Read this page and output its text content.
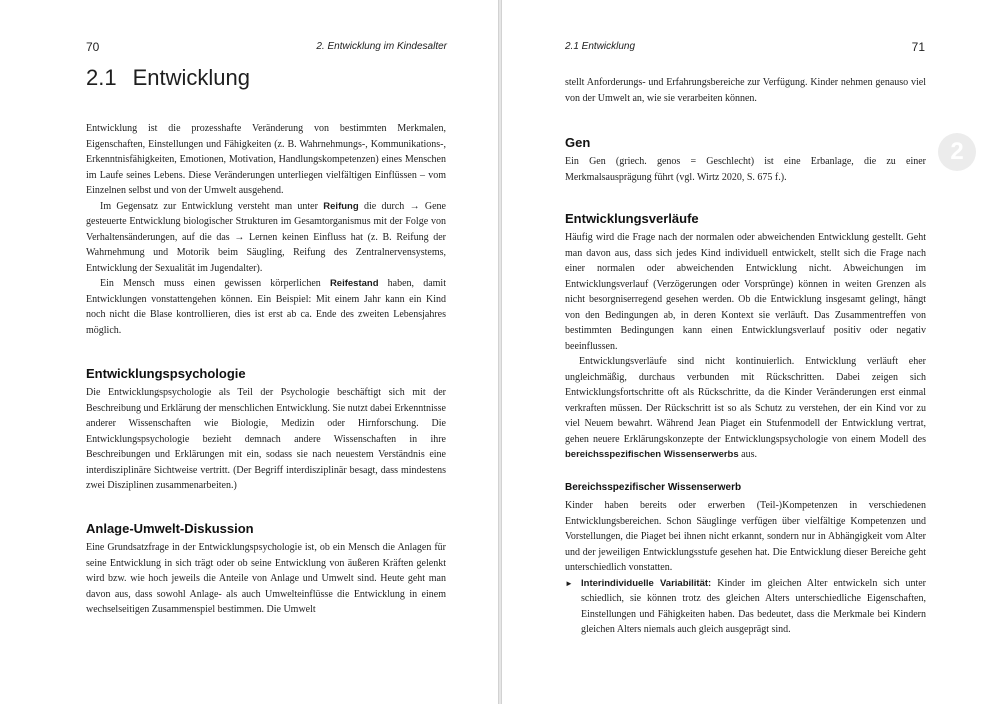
70	2. Entwicklung im Kindesalter
2.1 Entwicklung

Entwicklung ist die prozesshafte Veränderung von bestimmten Merkmalen, Eigenschaften, Einstellungen und Fähigkeiten (z. B. Wahrnehmungs-, Kommunikations-, Erkenntnisfähigkeiten, Emotionen, Motivation, Handlungskompetenzen) eines Menschen im Laufe seines Lebens. Diese Veränderungen unterliegen vielfältigen Einflüssen – vom Einzelnen selbst und von der Umwelt ausgehend.

Im Gegensatz zur Entwicklung versteht man unter Reifung die durch → Gene gesteuerte Entwicklung biologischer Strukturen im Gesamtorganismus mit der Folge von Verhaltensänderungen, auf die das → Lernen keinen Einfluss hat (z. B. Reifung der Wahrnehmung und Motorik beim Säugling, Reifung des Zentralnervensystems, Entwicklung der Sexualität im Jugendalter).

Ein Mensch muss einen gewissen körperlichen Reifestand haben, damit Entwicklungen vonstattengehen können. Ein Beispiel: Mit einem Jahr kann ein Kind noch nicht die Blase kontrollieren, dies ist erst ab ca. Ende des zweiten Lebensjahres möglich.

Entwicklungspsychologie

Die Entwicklungspsychologie als Teil der Psychologie beschäftigt sich mit der Beschreibung und Erklärung der menschlichen Entwicklung. Sie nutzt dabei Erkenntnisse anderer Wissenschaften wie Biologie, Medizin oder Hirnforschung. Die Entwicklungspsychologie bezieht demnach andere Wissenschaften in ihre Beschreibungen und Erklärungen mit ein, sodass sie nach neuestem Verständnis eine interdisziplinäre Sichtweise vertritt. (Der Begriff interdisziplinär besagt, dass mindestens zwei Disziplinen zusammenarbeiten.)

Anlage-Umwelt-Diskussion

Eine Grundsatzfrage in der Entwicklungspsychologie ist, ob ein Mensch die Anlagen für seine Entwicklung in sich trägt oder ob seine Entwicklung von äußeren Kräften gelenkt wird bzw. wie hoch jeweils die Anteile von Anlage und Umwelt sind. Heute geht man davon aus, dass sowohl Anlage- als auch Umwelteinflüsse die Entwicklung in einem wechselseitigen Zusammenspiel bestimmen. Die Umwelt

2.1 Entwicklung	71

stellt Anforderungs- und Erfahrungsbereiche zur Verfügung. Kinder nehmen genauso viel von der Umwelt an, wie sie verarbeiten können.

Gen

Ein Gen (griech. genos = Geschlecht) ist eine Erbanlage, die zu einer Merkmalsausprägung führt (vgl. Wirtz 2020, S. 675 f.).

Entwicklungsverläufe

Häufig wird die Frage nach der normalen oder abweichenden Entwicklung gestellt. Geht man davon aus, dass sich jedes Kind individuell entwickelt, stellt sich die Frage nach einer normalen oder abweichenden Entwicklung nicht. Abweichungen im Entwicklungsverlauf (Verzögerungen oder Vorsprünge) können in weiten Grenzen als nicht besorgniserregend gesehen werden. Ob die Entwicklung insgesamt gelingt, hängt von den Bedingungen ab, in deren Kontext sie verläuft. Das Zusammentreffen von bestimmten Bedingungen kann einen Entwicklungsverlauf positiv oder negativ beeinflussen.

Entwicklungsverläufe sind nicht kontinuierlich. Entwicklung verläuft eher ungleichmäßig, durchaus verbunden mit Rückschritten. Dabei zeigen sich Entwicklungsfortschritte oft als Rückschritte, da die Kinder Veränderungen erst einmal verkraften müssen. Der Rückschritt ist so als Schutz zu verstehen, der ein Kind vor zu viel Neuem bewahrt. Während Jean Piaget ein Stufenmodell der Entwicklung vertrat, gehen neuere Erklärungskonzepte der Entwicklungspsychologie von einem Modell des bereichsspezifischen Wissenserwerbs aus.

Bereichsspezifischer Wissenserwerb

Kinder haben bereits oder erwerben (Teil-)Kompetenzen in verschiedenen Entwicklungsbereichen. Schon Säuglinge verfügen über vielfältige Kompetenzen und Vorstellungen, die Piaget bei ihnen nicht erkannt, sondern nur in Abhängigkeit vom Alter und der jeweiligen Entwicklungsstufe gesehen hat. Die Entwicklung dieser Bereiche geht unterschiedlich vonstatten.

► Interindividuelle Variabilität: Kinder im gleichen Alter entwickeln sich unter schiedlich, sie können trotz des gleichen Alters unterschiedliche Eigenschaften, Einstellungen und Fähigkeiten haben. Das bedeutet, dass die Merkmale bei Kindern gleichen Alters niemals auch gleich ausgeprägt sind.

2
